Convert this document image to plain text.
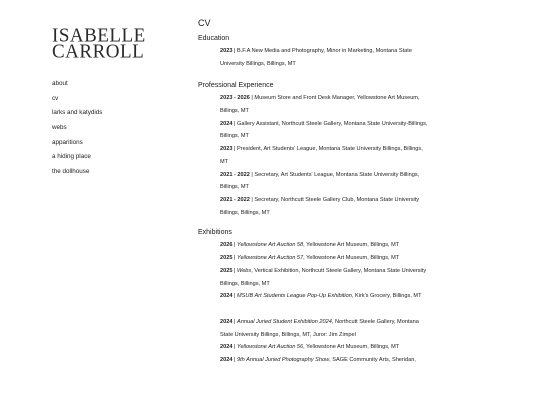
ISABELLE
CARROLL
about
cv
larks and katydids
webs
apparitions
a hiding place
the dollhouse
CV
Education
2023 | B.F.A New Media and Photography, Minor in Marketing, Montana State University Billings, Billings, MT
Professional Experience
2023 - 2026 | Museum Store and Front Desk Manager, Yellowstone Art Museum, Billings, MT
2024 | Gallery Assistant, Northcutt Steele Gallery, Montana State University-Billings, Billings, MT
2023 | President, Art Students' League, Montana State University Billings, Billings, MT
2021 - 2022 | Secretary, Art Students' League, Montana State University Billings, Billings, MT
2021 - 2022 | Secretary, Northcutt Steele Gallery Club, Montana State University Billings, Billings, MT
Exhibitions
2026 | Yellowstone Art Auction 58, Yellowstone Art Museum, Billings, MT
2025 | Yellowstone Art Auction 57, Yellowstone Art Museum, Billings, MT
2025 | Webs, Vertical Exhibition, Northcutt Steele Gallery, Montana State University Billings, Billings, MT
2024 | MSUB Art Students League Pop-Up Exhibition, Kirk's Grocery, Billings, MT
2024 | Annual Juried Student Exhibition 2024, Northcutt Steele Gallery, Montana State University Billings, Billings, MT, Juror: Jim Zimpel
2024 | Yellowstone Art Auction 56, Yellowstone Art Museum, Billings, MT
2024 | 9th Annual Juried Photography Show, SAGE Community Arts, Sheridan,
